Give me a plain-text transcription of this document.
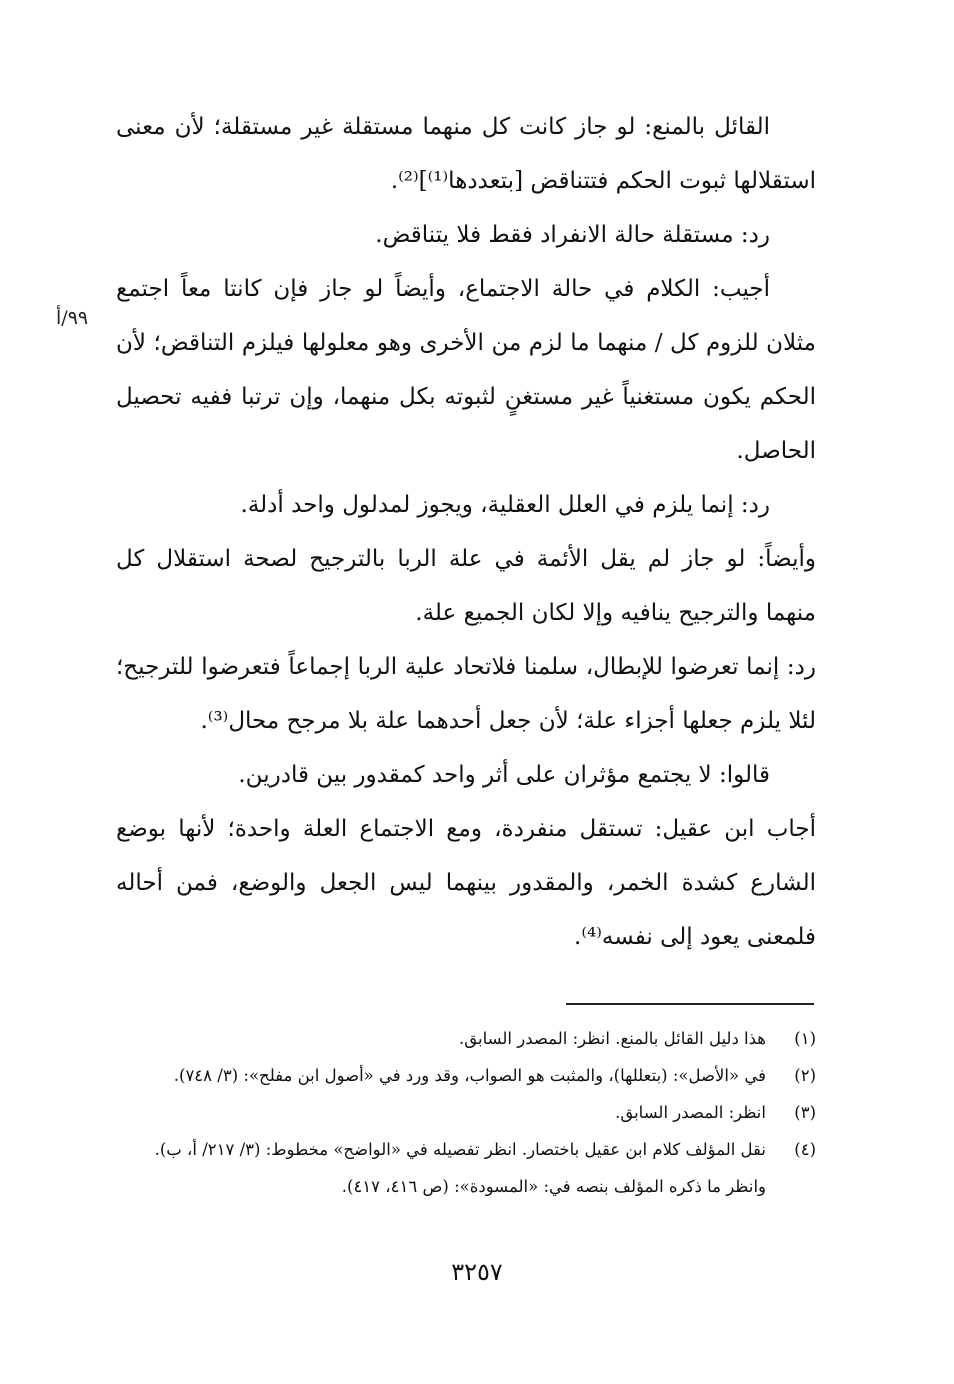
٩٩/أ

القائل بالمنع: لو جاز كانت كل منهما مستقلة غير مستقلة؛ لأن معنى استقلالها ثبوت الحكم فتتناقض [بتعددها⁽¹⁾]⁽²⁾.

رد: مستقلة حالة الانفراد فقط فلا يتناقض.

أجيب: الكلام في حالة الاجتماع، وأيضاً لو جاز فإن كانتا معاً اجتمع مثلان للزوم كل / منهما ما لزم من الأخرى وهو معلولها فيلزم التناقض؛ لأن الحكم يكون مستغنياً غير مستغنٍ لثبوته بكل منهما، وإن ترتبا ففيه تحصيل الحاصل.

رد: إنما يلزم في العلل العقلية، ويجوز لمدلول واحد أدلة.

وأيضاً: لو جاز لم يقل الأئمة في علة الربا بالترجيح لصحة استقلال كل منهما والترجيح ينافيه وإلا لكان الجميع علة.

رد: إنما تعرضوا للإبطال، سلمنا فلاتحاد علية الربا إجماعاً فتعرضوا للترجيح؛ لئلا يلزم جعلها أجزاء علة؛ لأن جعل أحدهما علة بلا مرجح محال⁽³⁾.

قالوا: لا يجتمع مؤثران على أثر واحد كمقدور بين قادرين.

أجاب ابن عقيل: تستقل منفردة، ومع الاجتماع العلة واحدة؛ لأنها بوضع الشارع كشدة الخمر، والمقدور بينهما ليس الجعل والوضع، فمن أحاله فلمعنى يعود إلى نفسه⁽⁴⁾.

(١)
هذا دليل القائل بالمنع. انظر: المصدر السابق.
(٢)
في «الأصل»: (بتعللها)، والمثبت هو الصواب، وقد ورد في «أصول ابن مفلح»: (٣/ ٧٤٨).
(٣)
انظر: المصدر السابق.
(٤)
نقل المؤلف كلام ابن عقيل باختصار. انظر تفصيله في «الواضح» مخطوط: (٣/ ٢١٧/ أ، ب).
وانظر ما ذكره المؤلف بنصه في: «المسودة»: (ص ٤١٦، ٤١٧).
٣٢٥٧
